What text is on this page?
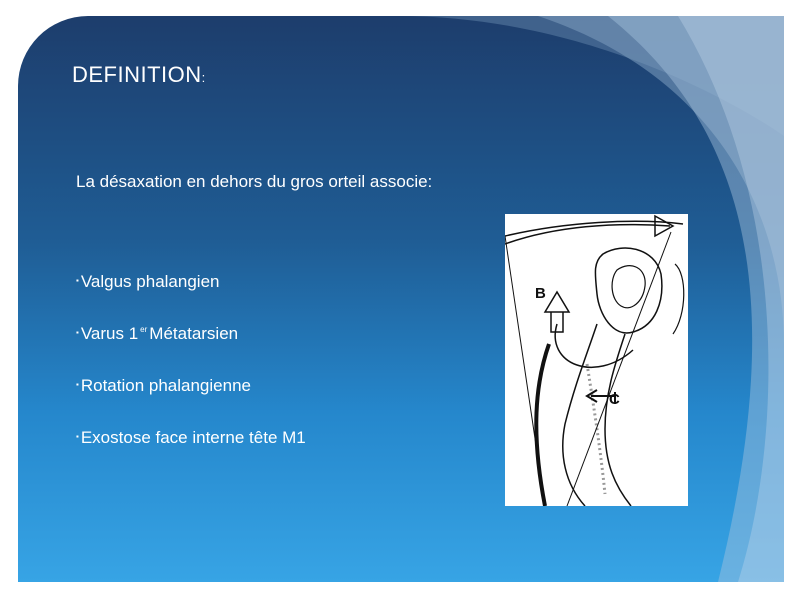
DEFINITION:
La désaxation en dehors du gros orteil associe:
▪ Valgus phalangien
▪ Varus 1 $^{er}$ Métatarsien
▪ Rotation phalangienne
▪ Exostose face interne tête M1
B
C
